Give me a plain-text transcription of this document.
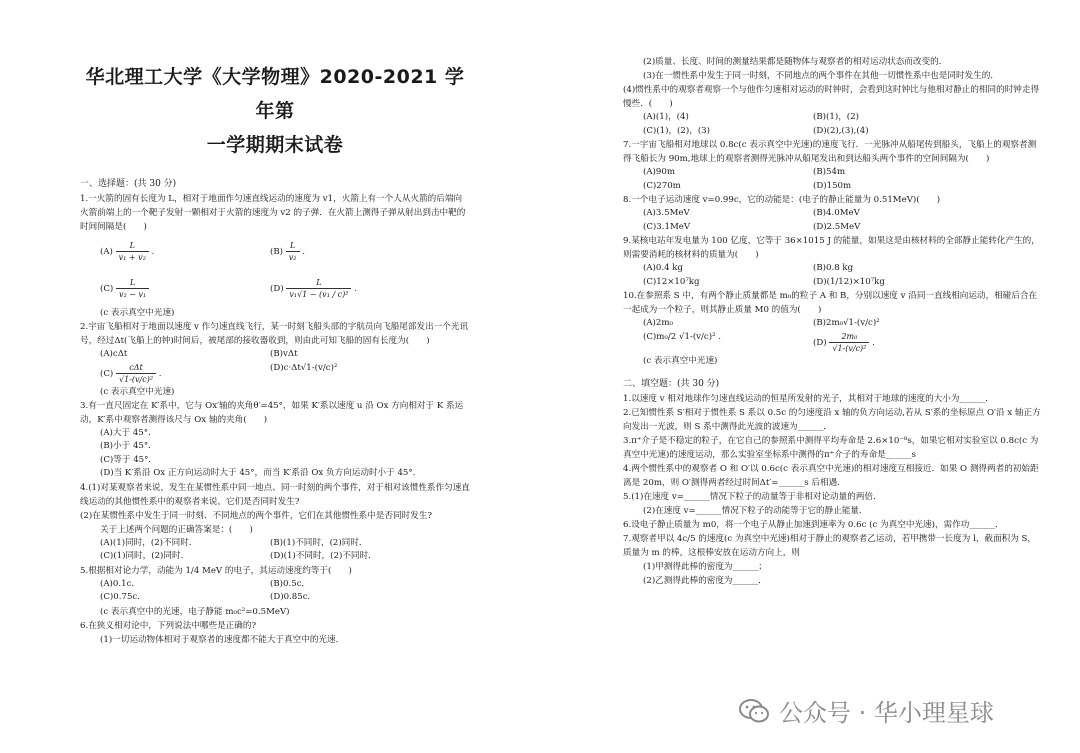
华北理工大学《大学物理》2020-2021 学年第
一学期期末试卷
一、选择题：(共 30 分)

1.一火箭的固有长度为 L，相对于地面作匀速直线运动的速度为 v1，火箭上有一个人从火箭的后端向火箭前端上的一个靶子发射一颗相对于火箭的速度为 v2 的子弹．在火箭上测得子弹从射出到击中靶的时间间隔是(　　)

$(A) \frac{L}{\text{v₁ + v₂}}$ .	$(B) \frac{L}{\text{v₂}}$ .
$(C) \frac{L}{\text{v₂ − v₁}}$	$(D) \frac{L}{\text{v₁√1 − (v₁ / c)²}}$ .
(c 表示真空中光速)

2.宇宙飞船相对于地面以速度 v 作匀速直线飞行，某一时刻飞船头部的宇航员向飞船尾部发出一个光讯号，经过Δt(飞船上的钟)时间后，被尾部的接收器收到，则由此可知飞船的固有长度为(　　)

(A)cΔt	(B)vΔt
$(C) \frac{\text{cΔt}}{\text{√1-(v/c)²}}$ .
(D)c·Δt√1-(v/c)²
(c 表示真空中光速)

3.有一直尺固定在 K′系中，它与 Ox′轴的夹角θ′=45°，如果 K′系以速度 u 沿 Ox 方向相对于 K 系运动，K′系中观察者测得该尺与 Ox 轴的夹角(　　)

(A)大于 45°．
(B)小于 45°．
(C)等于 45°．
(D)当 K′系沿 Ox 正方向运动时大于 45°，而当 K′系沿 Ox 负方向运动时小于 45°．

4.(1)对某观察者来说，发生在某惯性系中同一地点、同一时刻的两个事件，对于相对该惯性系作匀速直线运动的其他惯性系中的观察者来说，它们是否同时发生?

(2)在某惯性系中发生于同一时刻、不同地点的两个事件，它们在其他惯性系中是否同时发生?

关于上述两个问题的正确答案是：(　　)
(A)(1)同时，(2)不同时．	(B)(1)不同时，(2)同时．
(C)(1)同时，(2)同时．	(D)(1)不同时，(2)不同时．

5.根据相对论力学，动能为 1/4 MeV 的电子，其运动速度约等于(　　)

(A)0.1c．	(B)0.5c．
(C)0.75c．	(D)0.85c．
(c 表示真空中的光速，电子静能 m₀c²=0.5MeV)

6.在狭义相对论中，下列说法中哪些是正确的?

(1)一切运动物体相对于观察者的速度都不能大于真空中的光速．
(2)质量、长度、时间的测量结果都是随物体与观察者的相对运动状态而改变的．
(3)在一惯性系中发生于同一时刻，不同地点的两个事件在其他一切惯性系中也是同时发生的．

(4)惯性系中的观察者观察一个与他作匀速相对运动的时钟时，会看到这时钟比与他相对静止的相同的时钟走得慢些．(　　)

(A)(1)，(4)	(B)(1)，(2)
(C)(1)，(2)，(3)	(D)(2),(3),(4)

7.一宇宙飞船相对地球以 0.8c(c 表示真空中光速)的速度飞行．一光脉冲从船尾传到船头，飞船上的观察者测得飞船长为 90m,地球上的观察者测得光脉冲从船尾发出和到达船头两个事件的空间间隔为(　　)

(A)90m	(B)54m
(C)270m	(D)150m

8.一个电子运动速度 v=0.99c，它的动能是：(电子的静止能量为 0.51MeV)(　　)

(A)3.5MeV	(B)4.0MeV
(C)3.1MeV	(D)2.5MeV

9.某核电站年发电量为 100 亿度，它等于 36×1015 J 的能量，如果这是由核材料的全部静止能转化产生的，则需要消耗的核材料的质量为(　　)

(A)0.4 kg	(B)0.8 kg
(C)12×10⁷kg	(D)(1/12)×10⁷kg

10.在参照系 S 中，有两个静止质量都是 m₀的粒子 A 和 B，分别以速度 v 沿同一直线相向运动，相碰后合在一起成为一个粒子，则其静止质量 M0 的值为(　　)

(A)2m₀	(B)2m₀√1-(v/c)²
(C)m₀/2 √1-(v/c)² .
$(D) \frac{\text{2m₀}}{\text{√1-(v/c)²}}$ .
(c 表示真空中光速)
二、填空题：(共 30 分)

1.以速度 v 相对地球作匀速直线运动的恒星所发射的光子，其相对于地球的速度的大小为______．

2.已知惯性系 S′相对于惯性系 S 系以 0.5c 的匀速度沿 x 轴的负方向运动,若从 S′系的坐标原点 O′沿 x 轴正方向发出一光波，则 S 系中测得此光波的波速为______．

3.π⁺介子是不稳定的粒子，在它自己的参照系中测得平均寿命是 2.6×10⁻⁸s，如果它相对实验室以 0.8c(c 为真空中光速)的速度运动，那么实验室坐标系中测得的π⁺介子的寿命是______s

4.两个惯性系中的观察者 O 和 O′以 0.6c(c 表示真空中光速)的相对速度互相接近．如果 O 测得两者的初始距离是 20m，则 O′测得两者经过时间Δt′=______s 后相遇．

5.(1)在速度 v=______情况下粒子的动量等于非相对论动量的两倍．

(2)在速度 v=______情况下粒子的动能等于它的静止能量．

6.设电子静止质量为 m0，将一个电子从静止加速到速率为 0.6c (c 为真空中光速)，需作功______．

7.观察者甲以 4c/5 的速度(c 为真空中光速)相对于静止的观察者乙运动，若甲携带一长度为 l，截面积为 S，质量为 m 的棒，这根棒安放在运动方向上，则

(1)甲测得此棒的密度为______；

(2)乙测得此棒的密度为______．

公众号 · 华小理星球
